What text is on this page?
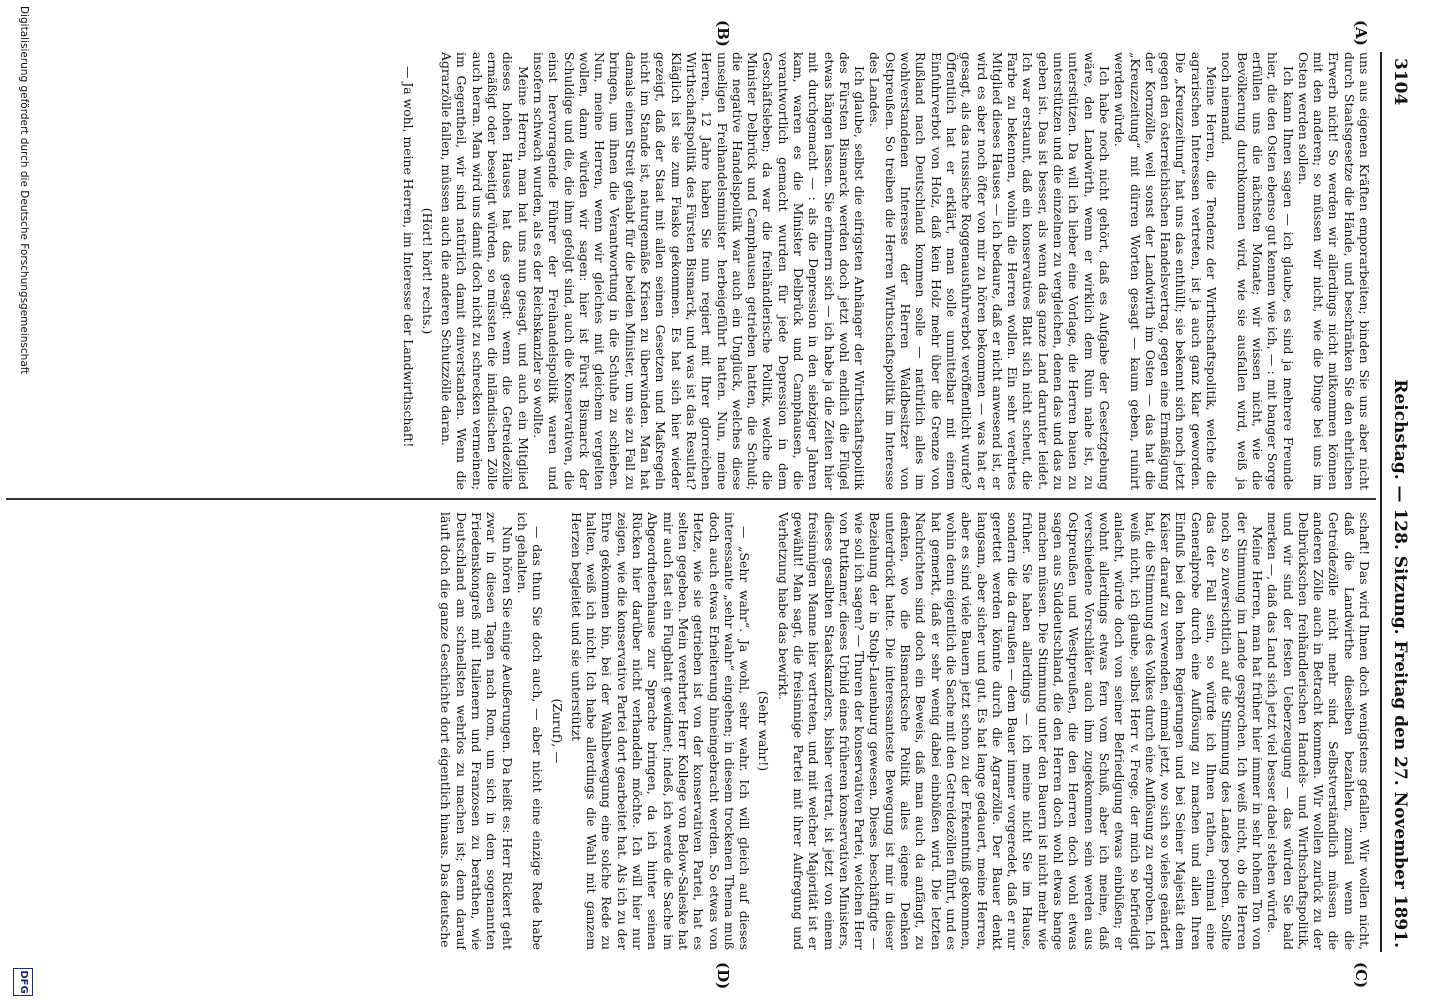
3104
Reichstag. — 128. Sitzung. Freitag den 27. November 1891.
(A)
(B)
(C)
(D)

uns aus eigenen Kräften emporarbeiten; binden Sie uns aber nicht durch Staatsgesetze die Hände, und beschränken Sie den ehrlichen Erwerb nicht! So werden wir allerdings nicht mitkommen können mit den anderen; so müssen wir nicht, wie die Dinge bei uns im Osten werden sollen.

Ich kann Ihnen sagen — ich glaube, es sind ja mehrere Freunde hier, die den Osten ebenso gut kennen wie ich, — : mit banger Sorge erfüllen uns die nächsten Monate; wir wissen nicht, wie die Bevölkerung durchkommen wird, wie sie ausfallen wird, weiß ja noch niemand.

Meine Herren, die Tendenz der Wirthschaftspolitik, welche die agrarischen Interessen vertreten, ist ja auch ganz klar geworden. Die „Kreuzzeitung“ hat uns das enthüllt; sie bekennt sich noch jetzt gegen den österreichischen Handelsvertrag, gegen eine Ermäßigung der Kornzölle, weil sonst der Landwirth im Osten — das hat die „Kreuzzeitung“ mit dürren Worten gesagt — kaum geben, ruinirt werden würde.

Ich habe noch nicht gehört, daß es Aufgabe der Gesetzgebung wäre, den Landwirth, wenn er wirklich dem Ruin nahe ist, zu unterstützen. Da will ich lieber eine Vorlage, die Herren bauen zu unterstützen und die einzelnen zu vergleichen, denen das und das zu geben ist. Das ist besser, als wenn das ganze Land darunter leidet. Ich war erstaunt, daß ein konservatives Blatt sich nicht scheut, die Farbe zu bekennen, wohin die Herren wollen. Ein sehr verehrtes Mitglied dieses Hauses — ich bedaure, daß er nicht anwesend ist, er wird es aber noch öfter von mir zu hören bekommen — was hat er gesagt, als das russische Roggenausfuhrverbot veröffentlicht wurde? Öffentlich hat er erklärt, man solle unmittelbar mit einem Einfuhrverbot von Holz, daß kein Holz mehr über die Grenze von Rußland nach Deutschland kommen solle — natürlich alles im wohlverstandenen Interesse der Herren Waldbesitzer von Ostpreußen. So treiben die Herren Wirthschaftspolitik im Interesse des Landes.

Ich glaube, selbst die eifrigsten Anhänger der Wirthschaftspolitik des Fürsten Bismarck werden doch jetzt wohl endlich die Flügel etwas hängen lassen. Sie erinnern sich — ich habe ja die Zeiten hier mit durchgemacht — : als die Depression in den siebziger Jahren kam, waren es die Minister Delbrück und Camphausen, die verantwortlich gemacht wurden für jede Depression in dem Geschäftsleben; da war die freihändlerische Politik, welche die Minister Delbrück und Camphausen getrieben hatten, die Schuld; die negative Handelspolitik war auch ein Unglück, welches diese unseligen Freihandelsminister herbeigeführt hatten. Nun, meine Herren, 12 Jahre haben Sie nun regiert mit Ihrer glorreichen Wirthschaftspolitik des Fürsten Bismarck, und was ist das Resultat? Kläglich ist sie zum Fiasko gekommen. Es hat sich hier wieder gezeigt, daß der Staat mit allen seinen Gesetzen und Maßregeln nicht im Stande ist, naturgemäße Krisen zu überwinden. Man hat damals einen Streit gehabt für die beiden Minister, um sie zu Fall zu bringen, um ihnen die Verantwortung in die Schuhe zu schieben. Nun, meine Herren, wenn wir gleiches mit gleichem vergelten wollen, dann würden wir sagen: hier ist Fürst Bismarck der Schuldige und die, die ihm gefolgt sind, auch die Konservativen, die einst hervorragende Führer der Freihandelspolitik waren und insofern schwach wurden, als es der Reichskanzler so wollte.

Meine Herren, man hat uns nun gesagt, und auch ein Mitglied dieses hohen Hauses hat das gesagt: wenn die Getreidezölle ermäßigt oder beseitigt würden, so müssten die inländischen Zölle auch heran. Man wird uns damit doch nicht zu schrecken vermeinen; im Gegentheil, wir sind natürlich damit einverstanden. Wenn die Agrarzölle fallen, müssen auch die anderen Schutzzölle daran.

(Hört! hört! rechts.)

— Ja wohl, meine Herren, im Interesse der Landwirthschaft!

schaft! Das wird Ihnen doch wenigstens gefallen. Wir wollen nicht, daß die Landwirthe dieselben bezahlen, zumal wenn die Getreidezölle nicht mehr sind. Selbstverständlich müssen die anderen Zölle auch in Betracht kommen. Wir wollen zurück zu der Delbrückschen freihändlerischen Handels- und Wirthschaftspolitik, und wir sind der festen Ueberzeugung — das würden Sie bald merken —, daß das Land sich jetzt viel besser dabei stehen würde.

Meine Herren, man hat früher hier immer in sehr hohem Ton von der Stimmung im Lande gesprochen. Ich weiß nicht, ob die Herren noch so zuversichtlich auf die Stimmung des Landes pochen. Sollte das der Fall sein, so würde ich Ihnen rathen, einmal eine Generalprobe durch eine Auflösung zu machen und allen Ihren Einfluß bei den hohen Regierungen und bei Seiner Majestät dem Kaiser darauf zu verwenden, einmal jetzt, wo sich so vieles geändert hat, die Stimmung des Volkes durch eine Auflösung zu erproben. Ich weiß nicht, ich glaube, selbst Herr v. Frege, der mich so befriedigt anlacht, würde doch von seiner Befriedigung etwas einbüßen; er wohnt allerdings etwas fern vom Schuß, aber ich meine, daß verschiedene Vorschläter auch ihm zugekommen sein werden aus Ostpreußen und Westpreußen, die den Herren doch wohl etwas sagen aus Süddeutschland, die den Herren doch wohl etwas bange machen müssen. Die Stimmung unter den Bauern ist nicht mehr wie früher. Sie haben allerdings — ich meine nicht Sie im Hause, sondern die da draußen — dem Bauer immer vorgeredet, daß er nur gerettet werden könnte durch die Agrarzölle. Der Bauer denkt langsam, aber sicher und gut. Es hat lange gedauert, meine Herren, aber es sind viele Bauern jetzt schon zu der Erkenntniß gekommen, wohin denn eigentlich die Sache mit den Getreidezöllen führt, und es hat gemerkt, daß er sehr wenig dabei einbüßen wird. Die letzten Nachrichten sind doch ein Beweis, daß man auch da anfängt, zu denken, wo die Bismarcksche Politik alles eigene Denken unterdrückt hatte. Die interessanteste Bewegung ist mir in dieser Beziehung der in Stolp-Lauenburg gewesen. Dieses beschäftigte — wie soll ich sagen? — Thuren der konservativen Partei, welchen Herr von Puttkamer, dieses Urbild eines früheren konservativen Ministers, dieses gesalbten Staatskanzlers, bisher vertrat, ist jetzt von einem freisinnigen Manne hier vertreten, und mit welcher Majorität ist er gewählt! Man sagt, die freisinnige Partei mit ihrer Aufregung und Verhetzung habe das bewirkt.

(Sehr wahr!)

— „Sehr wahr“. Ja wohl, sehr wahr. Ich will gleich auf dieses interessante „sehr wahr“ eingehen; in diesem trockenen Thema muß doch auch etwas Erheiterung hineingebracht werden. So etwas von Hetze, wie sie getrieben ist von der konservativen Partei, hat es selten gegeben. Mein verehrter Herr Kollege von Below-Saleske hat mir auch fast ein Flugblatt gewidmet; indeß, ich werde die Sache im Abgeordnetenhause zur Sprache bringen, da ich hinter seinen Rücken hier darüber nicht verhandeln möchte. Ich will hier nur zeigen, wie die konservative Partei dort gearbeitet hat. Als ich zu der Ehre gekommen bin, bei der Wahlbewegung eine solche Rede zu halten, weiß ich nicht. Ich habe allerdings die Wahl mit ganzem Herzen begleitet und sie unterstützt

(Zuruf), —

— das thun Sie doch auch, — aber nicht eine einzige Rede habe ich gehalten.

Nun hören Sie einige Aeußerungen. Da heißt es: Herr Rickert geht zwar in diesen Tagen nach Rom, um sich in dem sogenannten Friedenskongreß mit Italienern und Franzosen zu berathen, wie Deutschland am schnellsten wehrlos zu machen ist; denn darauf läuft doch die ganze Geschichte dort eigentlich hinaus. Das deutsche

Digitalisierung gefördert durch die Deutsche Forschungsgemeinschaft
DFG
